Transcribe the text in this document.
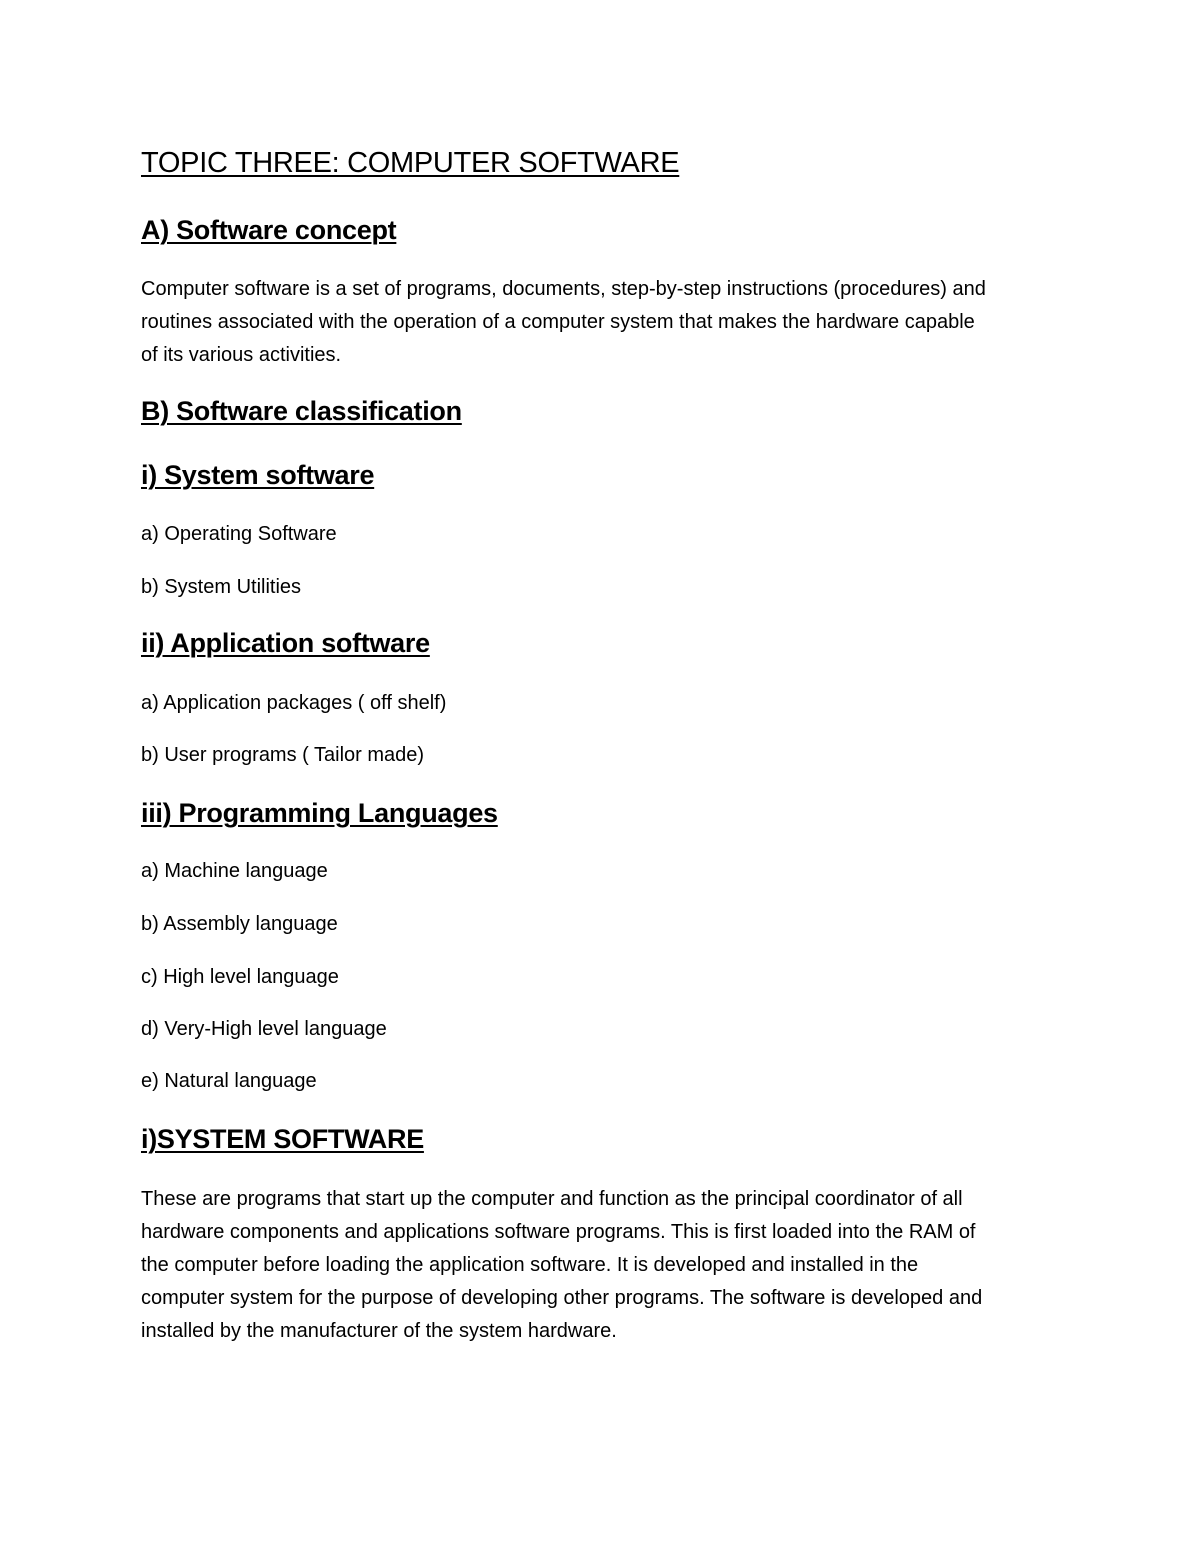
TOPIC THREE: COMPUTER SOFTWARE
A) Software concept
Computer software is a set of programs, documents, step-by-step instructions (procedures) and
routines associated with the operation of a computer system that makes the hardware capable
of its various activities.
B) Software classification
i) System software
a) Operating Software
b) System Utilities
ii) Application software
a) Application packages ( off shelf)
b) User programs ( Tailor made)
iii) Programming Languages
a) Machine language
b) Assembly language
c) High level language
d) Very-High level language
e) Natural language
i)SYSTEM SOFTWARE
These are programs that start up the computer and function as the principal coordinator of all
hardware components and applications software programs. This is first loaded into the RAM of
the computer before loading the application software. It is developed and installed in the
computer system for the purpose of developing other programs. The software is developed and
installed by the manufacturer of the system hardware.
